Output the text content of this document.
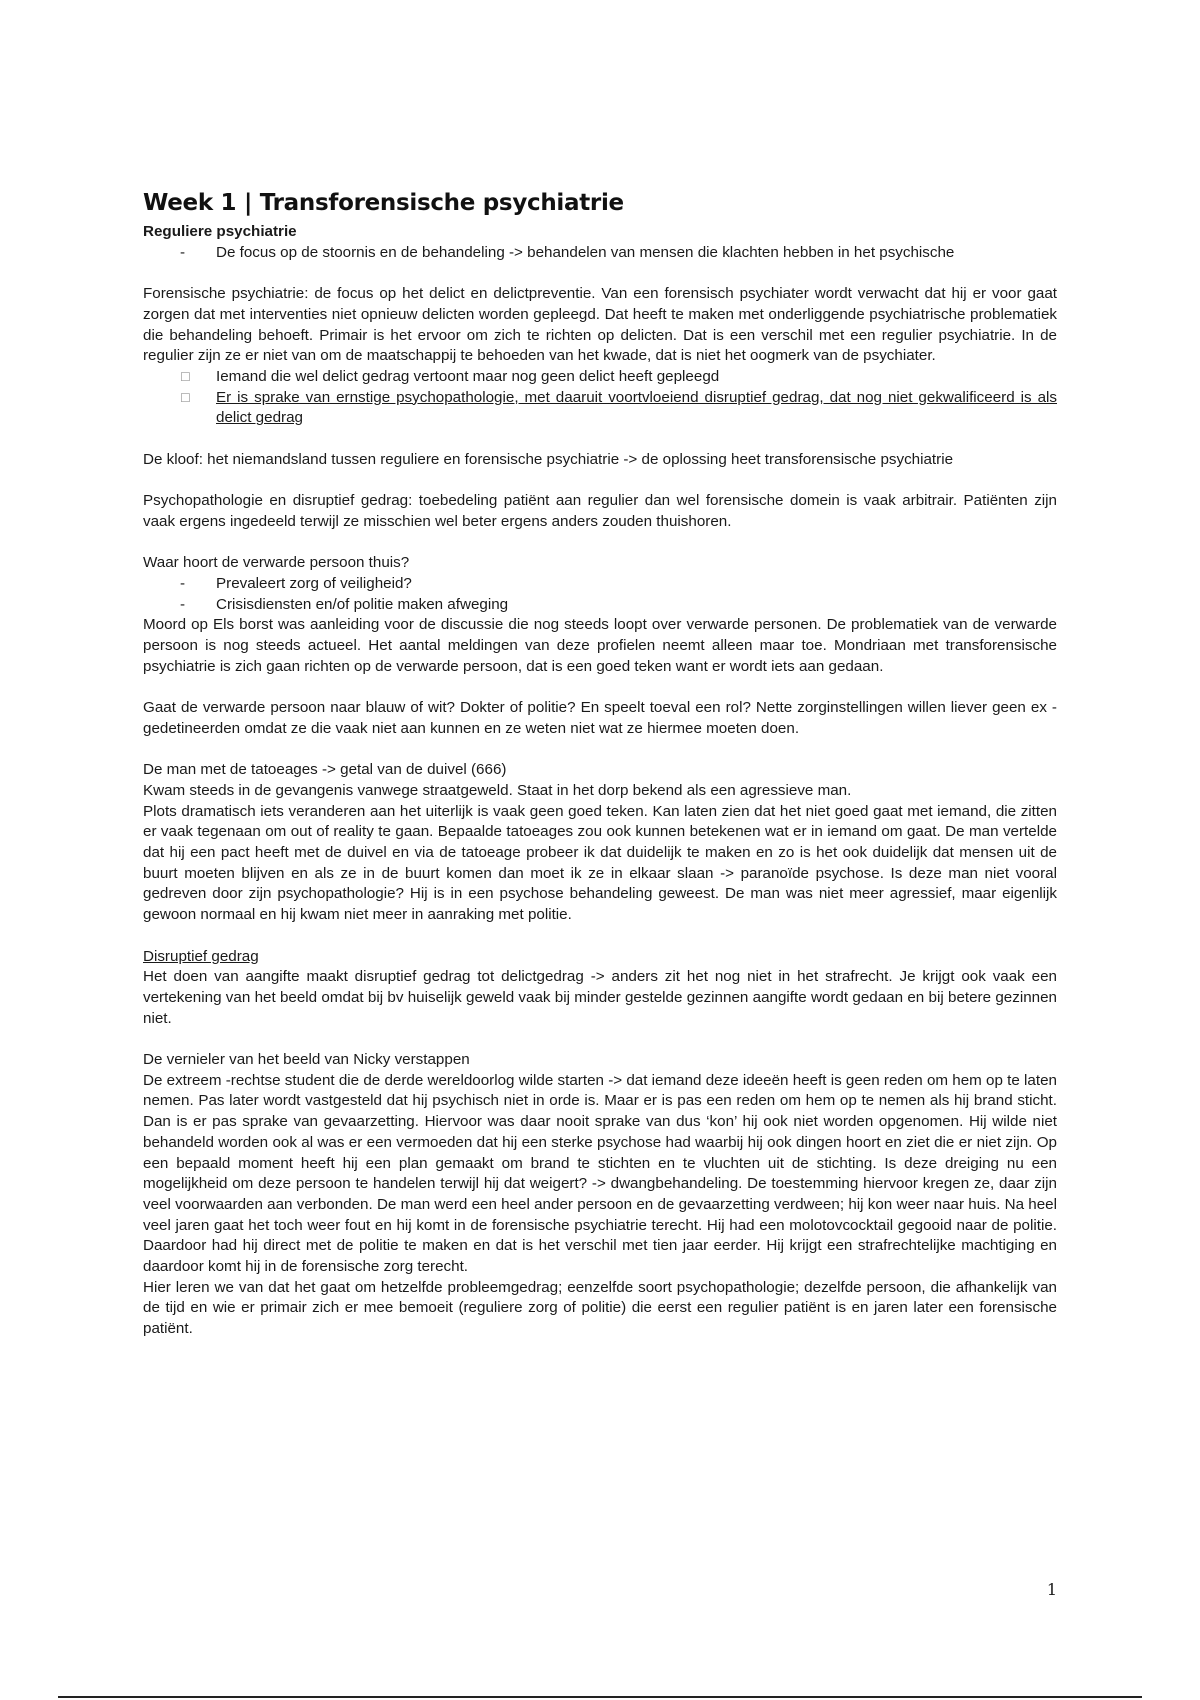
Week 1 | Transforensische psychiatrie
Reguliere psychiatrie
- De focus op de stoornis en de behandeling -> behandelen van mensen die klachten hebben in het psychische

Forensische psychiatrie: de focus op het delict en delictpreventie. Van een forensisch psychiater wordt verwacht dat hij er voor gaat zorgen dat met interventies niet opnieuw delicten worden gepleegd. Dat heeft te maken met onderliggende psychiatrische problematiek die behandeling behoeft. Primair is het ervoor om zich te richten op delicten. Dat is een verschil met een regulier psychiatrie. In de regulier zijn ze er niet van om de maatschappij te behoeden van het kwade, dat is niet het oogmerk van de psychiater.

☐ Iemand die wel delict gedrag vertoont maar nog geen delict heeft gepleegd
☐ Er is sprake van ernstige psychopathologie, met daaruit voortvloeiend disruptief gedrag, dat nog niet gekwalificeerd is als delict gedrag

De kloof: het niemandsland tussen reguliere en forensische psychiatrie -> de oplossing heet transforensische psychiatrie

Psychopathologie en disruptief gedrag: toebedeling patiënt aan regulier dan wel forensische domein is vaak arbitrair. Patiënten zijn vaak ergens ingedeeld terwijl ze misschien wel beter ergens anders zouden thuishoren.

Waar hoort de verwarde persoon thuis?
- Prevaleert zorg of veiligheid?
- Crisisdiensten en/of politie maken afweging

Moord op Els borst was aanleiding voor de discussie die nog steeds loopt over verwarde personen. De problematiek van de verwarde persoon is nog steeds actueel. Het aantal meldingen van deze profielen neemt alleen maar toe. Mondriaan met transforensische psychiatrie is zich gaan richten op de verwarde persoon, dat is een goed teken want er wordt iets aan gedaan.

Gaat de verwarde persoon naar blauw of wit? Dokter of politie? En speelt toeval een rol? Nette zorginstellingen willen liever geen ex -gedetineerden omdat ze die vaak niet aan kunnen en ze weten niet wat ze hiermee moeten doen.

De man met de tatoeages -> getal van de duivel (666)
Kwam steeds in de gevangenis vanwege straatgeweld. Staat in het dorp bekend als een agressieve man.

Plots dramatisch iets veranderen aan het uiterlijk is vaak geen goed teken. Kan laten zien dat het niet goed gaat met iemand, die zitten er vaak tegenaan om out of reality te gaan. Bepaalde tatoeages zou ook kunnen betekenen wat er in iemand om gaat. De man vertelde dat hij een pact heeft met de duivel en via de tatoeage probeer ik dat duidelijk te maken en zo is het ook duidelijk dat mensen uit de buurt moeten blijven en als ze in de buurt komen dan moet ik ze in elkaar slaan -> paranoïde psychose. Is deze man niet vooral gedreven door zijn psychopathologie? Hij is in een psychose behandeling geweest. De man was niet meer agressief, maar eigenlijk gewoon normaal en hij kwam niet meer in aanraking met politie.

Disruptief gedrag

Het doen van aangifte maakt disruptief gedrag tot delictgedrag -> anders zit het nog niet in het strafrecht. Je krijgt ook vaak een vertekening van het beeld omdat bij bv huiselijk geweld vaak bij minder gestelde gezinnen aangifte wordt gedaan en bij betere gezinnen niet.

De vernieler van het beeld van Nicky verstappen

De extreem -rechtse student die de derde wereldoorlog wilde starten -> dat iemand deze ideeën heeft is geen reden om hem op te laten nemen. Pas later wordt vastgesteld dat hij psychisch niet in orde is. Maar er is pas een reden om hem op te nemen als hij brand sticht. Dan is er pas sprake van gevaarzetting. Hiervoor was daar nooit sprake van dus ‘kon’ hij ook niet worden opgenomen. Hij wilde niet behandeld worden ook al was er een vermoeden dat hij een sterke psychose had waarbij hij ook dingen hoort en ziet die er niet zijn. Op een bepaald moment heeft hij een plan gemaakt om brand te stichten en te vluchten uit de stichting. Is deze dreiging nu een mogelijkheid om deze persoon te handelen terwijl hij dat weigert? -> dwangbehandeling. De toestemming hiervoor kregen ze, daar zijn veel voorwaarden aan verbonden. De man werd een heel ander persoon en de gevaarzetting verdween; hij kon weer naar huis. Na heel veel jaren gaat het toch weer fout en hij komt in de forensische psychiatrie terecht. Hij had een molotovcocktail gegooid naar de politie. Daardoor had hij direct met de politie te maken en dat is het verschil met tien jaar eerder. Hij krijgt een strafrechtelijke machtiging en daardoor komt hij in de forensische zorg terecht.

Hier leren we van dat het gaat om hetzelfde probleemgedrag; eenzelfde soort psychopathologie; dezelfde persoon, die afhankelijk van de tijd en wie er primair zich er mee bemoeit (reguliere zorg of politie) die eerst een regulier patiënt is en jaren later een forensische patiënt.

1
